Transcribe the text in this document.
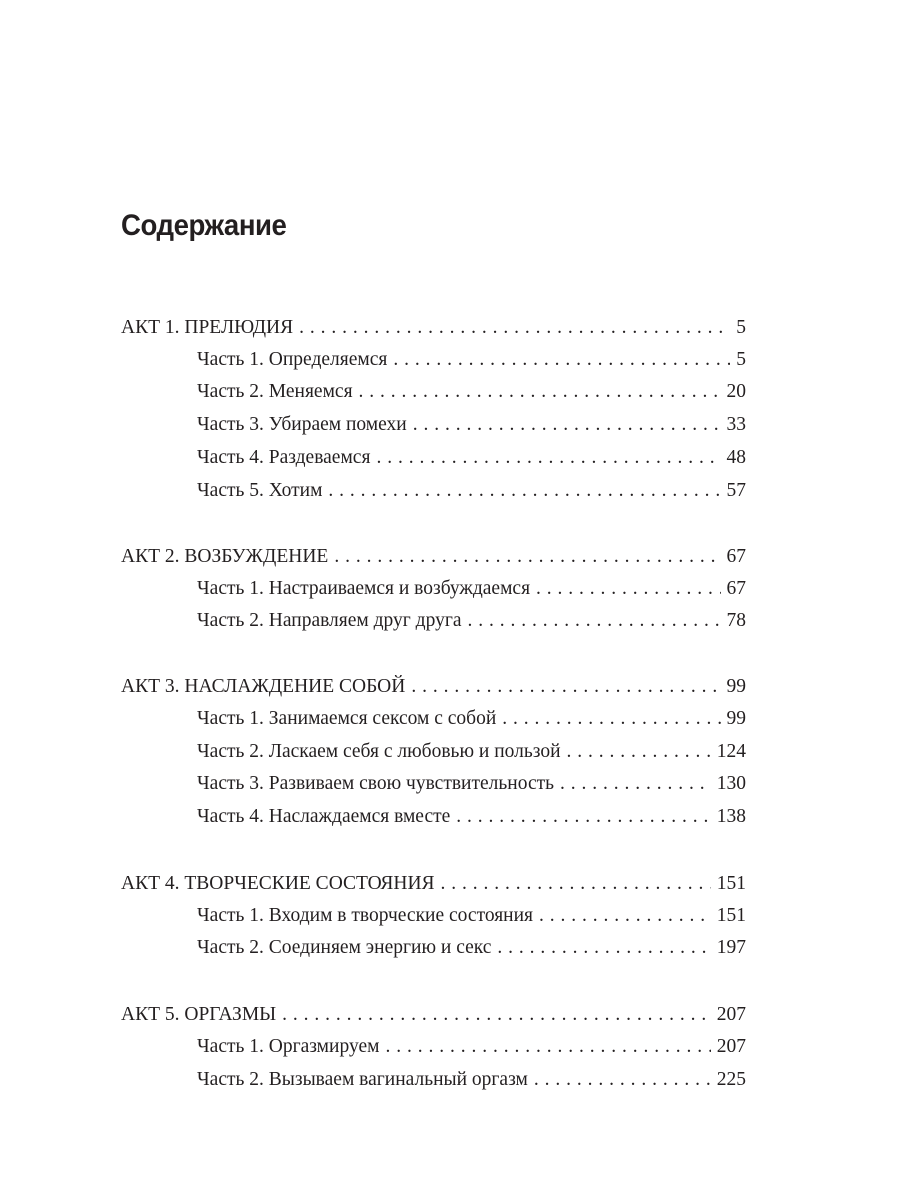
Содержание
АКТ 1. ПРЕЛЮДИЯ . . .	5
Часть 1. Определяемся . . .	5
Часть 2. Меняемся . . .	20
Часть 3. Убираем помехи . . .	33
Часть 4. Раздеваемся . . .	48
Часть 5. Хотим . . .	57
АКТ 2. ВОЗБУЖДЕНИЕ . . .	67
Часть 1. Настраиваемся и возбуждаемся . . .	67
Часть 2. Направляем друг друга . . .	78
АКТ 3. НАСЛАЖДЕНИЕ СОБОЙ . . .	99
Часть 1. Занимаемся сексом с собой . . .	99
Часть 2. Ласкаем себя с любовью и пользой . . .	124
Часть 3. Развиваем свою чувствительность . . .	130
Часть 4. Наслаждаемся вместе . . .	138
АКТ 4. ТВОРЧЕСКИЕ СОСТОЯНИЯ . . .	151
Часть 1. Входим в творческие состояния . . .	151
Часть 2. Соединяем энергию и секс . . .	197
АКТ 5. ОРГАЗМЫ . . .	207
Часть 1. Оргазмируем . . .	207
Часть 2. Вызываем вагинальный оргазм . . .	225
